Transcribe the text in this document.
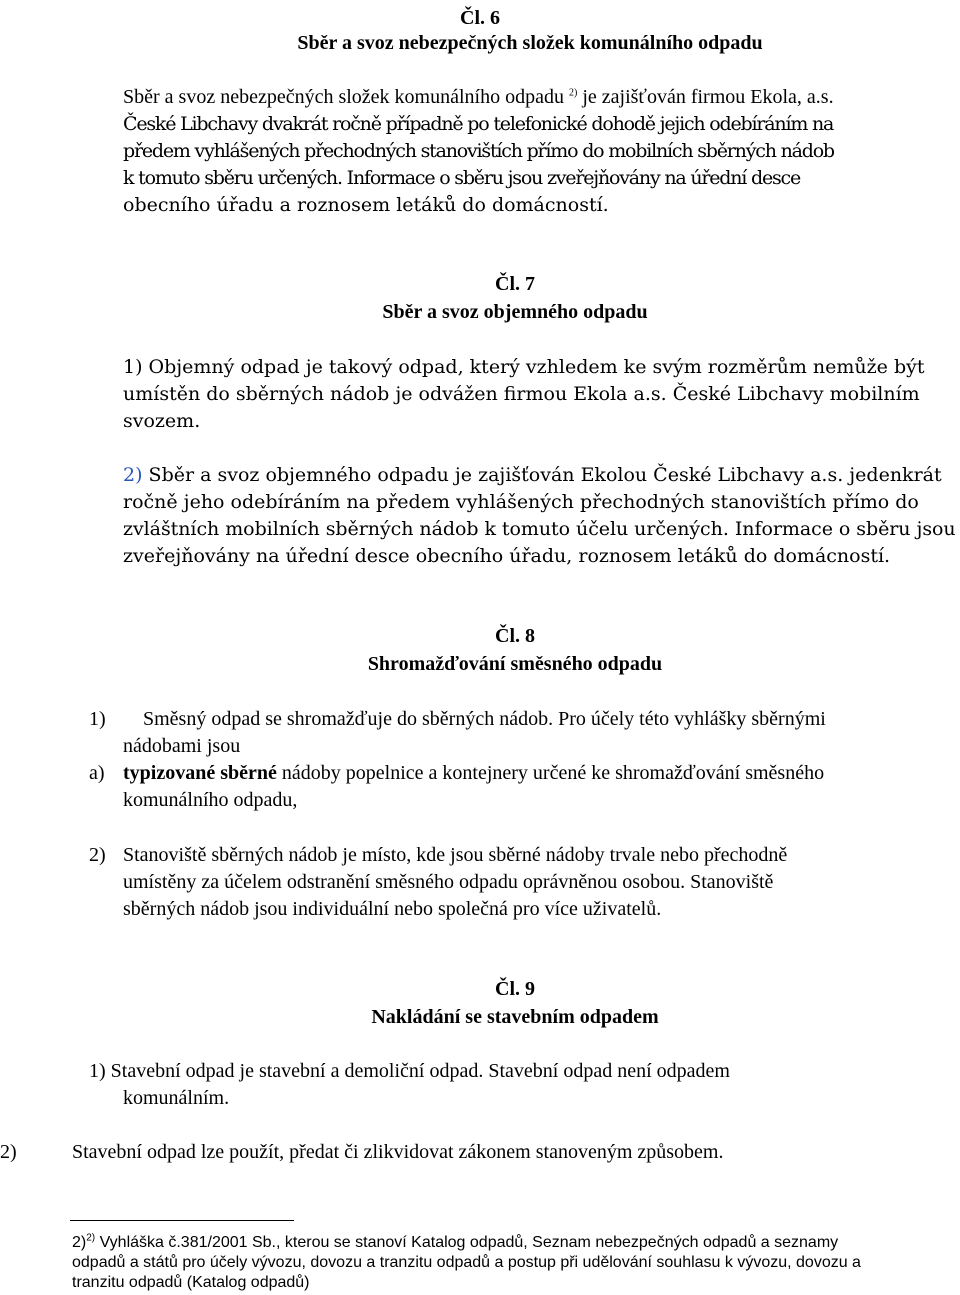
Čl. 6
Sběr a svoz nebezpečných složek komunálního odpadu
Sběr a svoz nebezpečných složek komunálního odpadu $^{2)}$ je zajišťován firmou Ekola, a.s.
České Libchavy dvakrát ročně případně po telefonické dohodě jejich odebíráním na
předem vyhlášených přechodných stanovištích přímo do mobilních sběrných nádob
k tomuto sběru určených. Informace o sběru jsou zveřejňovány na úřední desce
obecního úřadu a roznosem letáků do domácností.
Čl. 7
Sběr a svoz objemného odpadu
1) Objemný odpad je takový odpad, který vzhledem ke svým rozměrům nemůže být
umístěn do sběrných nádob je odvážen firmou Ekola a.s. České Libchavy mobilním
svozem.
2) Sběr a svoz objemného odpadu je zajišťován Ekolou České Libchavy a.s. jedenkrát
ročně jeho odebíráním na předem vyhlášených přechodných stanovištích přímo do
zvláštních mobilních sběrných nádob k tomuto účelu určených. Informace o sběru jsou
zveřejňovány na úřední desce obecního úřadu, roznosem letáků do domácností.
Čl. 8
Shromažďování směsného odpadu
1) Směsný odpad se shromažďuje do sběrných nádob. Pro účely této vyhlášky sběrnými
nádobami jsou
a) typizované sběrné nádoby popelnice a kontejnery určené ke shromažďování směsného
komunálního odpadu,
2) Stanoviště sběrných nádob je místo, kde jsou sběrné nádoby trvale nebo přechodně
umístěny za účelem odstranění směsného odpadu oprávněnou osobou. Stanoviště
sběrných nádob jsou individuální nebo společná pro více uživatelů.
Čl. 9
Nakládání se stavebním odpadem
1) Stavební odpad je stavební a demoliční odpad. Stavební odpad není odpadem
komunálním.
2)	Stavební odpad lze použít, předat či zlikvidovat zákonem stanoveným způsobem.
2)$^{2)}$ Vyhláška č.381/2001 Sb., kterou se stanoví Katalog odpadů, Seznam nebezpečných odpadů a seznamy
odpadů a států pro účely vývozu, dovozu a tranzitu odpadů a postup při udělování souhlasu k vývozu, dovozu a
tranzitu odpadů (Katalog odpadů)
